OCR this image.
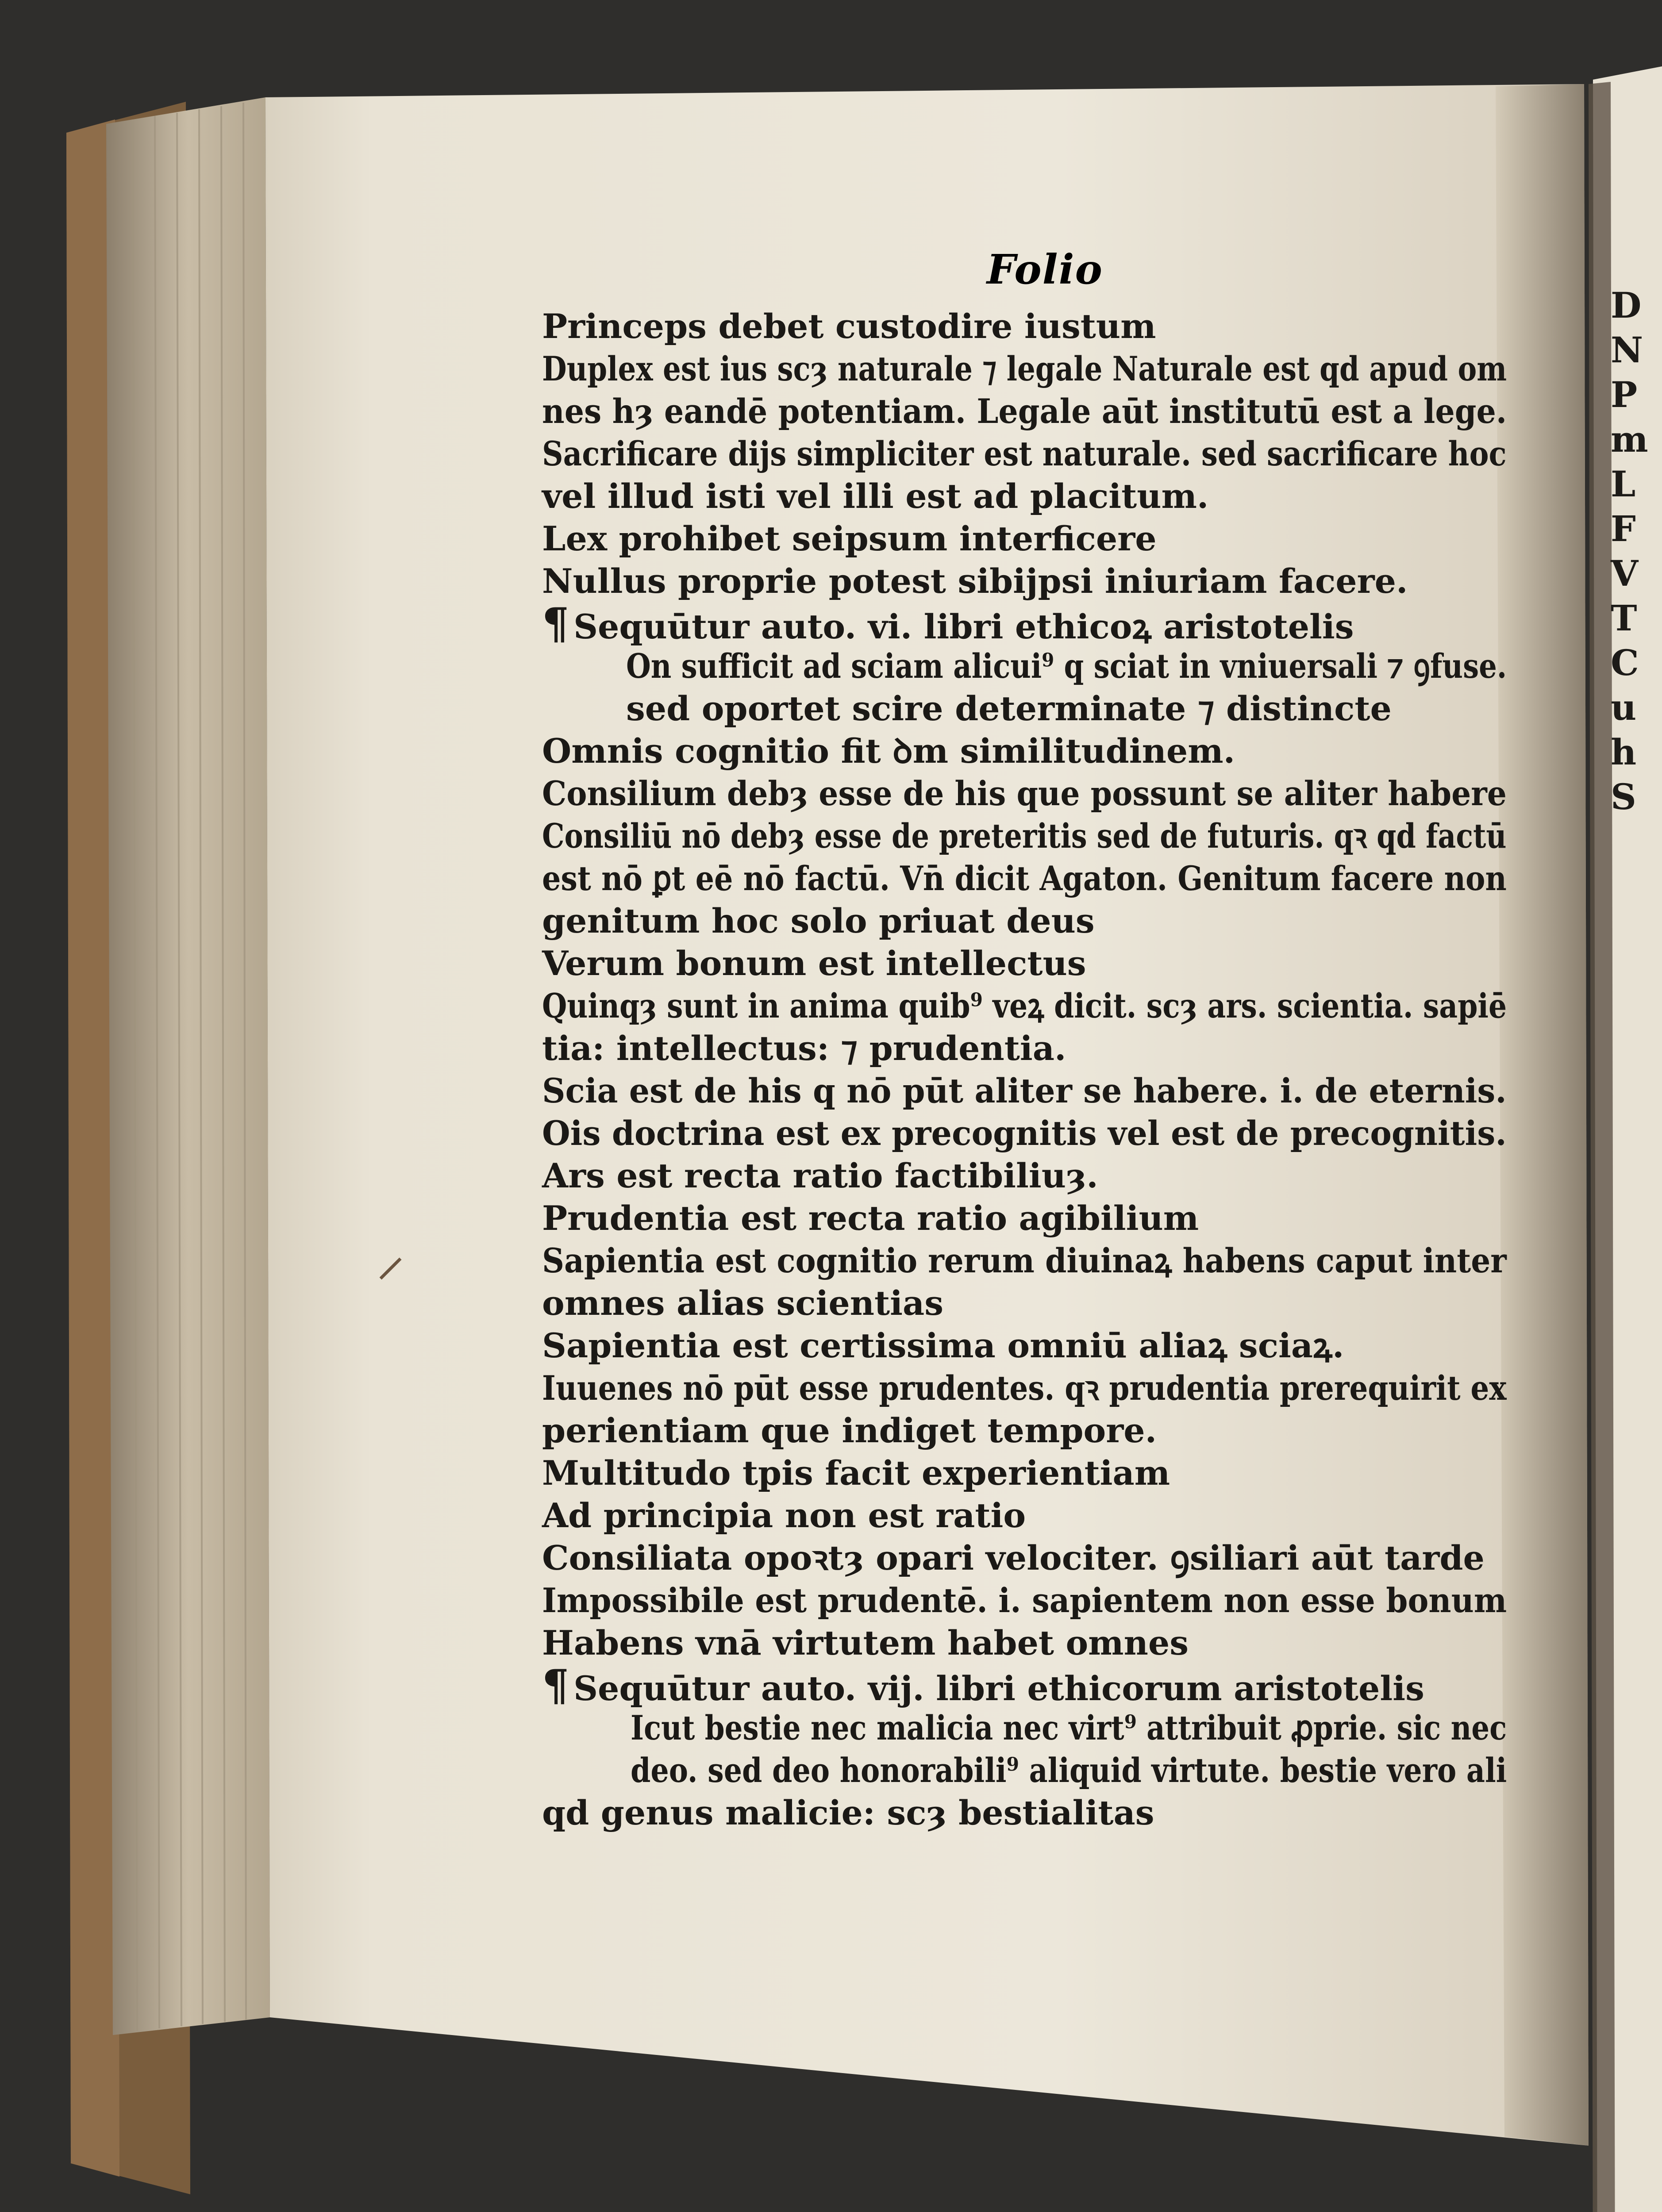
Folio
Princeps debet custodire iustum
Duplex est ius scȝ naturale ⁊ legale Naturale est qd apud om
nes hȝ eandē potentiam. Legale aūt institutū est a lege.
Sacrificare dijs simpliciter est naturale. sed sacrificare hoc
vel illud isti vel illi est ad placitum.
Lex prohibet seipsum interficere
Nullus proprie potest sibijpsi iniuriam facere.
¶ Sequūtur auto. vi. libri ethicoꝝ aristotelis
On sufficit ad sciam alicui⁹ q sciat in vniuersali ⁊ ꝯfuse.
sed oportet scire determinate ⁊ distincte
Omnis cognitio fit ꝺm similitudinem.
Consilium debȝ esse de his que possunt se aliter habere
Consiliū nō debȝ esse de preteritis sed de futuris. qꝛ qd factū
est nō ꝑt eē nō factū. Vn̄ dicit Agaton. Genitum facere non
genitum hoc solo priuat deus
Verum bonum est intellectus
Quinqȝ sunt in anima quib⁹ veꝝ dicit. scȝ ars. scientia. sapiē
tia: intellectus: ⁊ prudentia.
Scia est de his q nō pūt aliter se habere. i. de eternis.
Ois doctrina est ex precognitis vel est de precognitis.
Ars est recta ratio factibiliuȝ.
Prudentia est recta ratio agibilium
Sapientia est cognitio rerum diuinaꝝ habens caput inter
omnes alias scientias
Sapientia est certissima omniū aliaꝝ sciaꝝ.
Iuuenes nō pūt esse prudentes. qꝛ prudentia prerequirit ex
perientiam que indiget tempore.
Multitudo tpis facit experientiam
Ad principia non est ratio
Consiliata opoꝛtȝ opari velociter. ꝯsiliari aūt tarde
Impossibile est prudentē. i. sapientem non esse bonum
Habens vnā virtutem habet omnes
¶ Sequūtur auto. vij. libri ethicorum aristotelis
Icut bestie nec malicia nec virt⁹ attribuit ꝓprie. sic nec
deo. sed deo honorabili⁹ aliquid virtute. bestie vero ali
qd genus malicie: scȝ bestialitas
D
N
P
m
L
F
V
T
C
u
h
S
